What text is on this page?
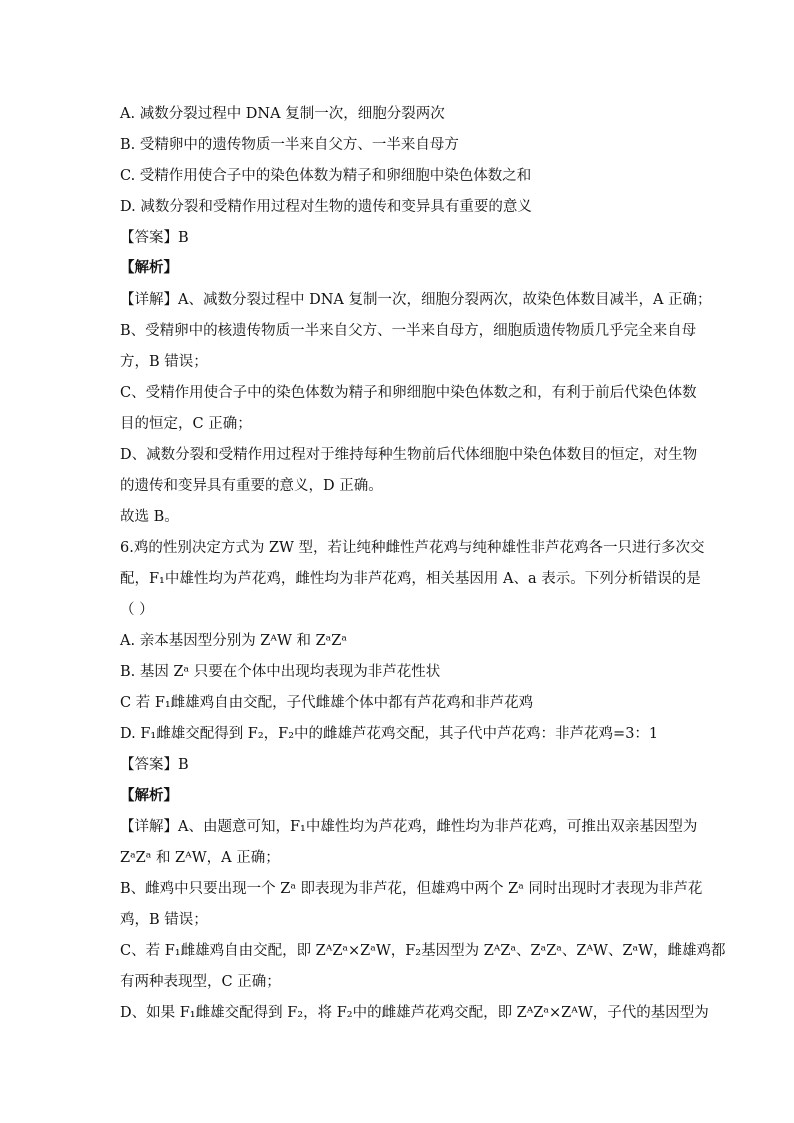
A. 减数分裂过程中 DNA 复制一次，细胞分裂两次
B. 受精卵中的遗传物质一半来自父方、一半来自母方
C. 受精作用使合子中的染色体数为精子和卵细胞中染色体数之和
D. 减数分裂和受精作用过程对生物的遗传和变异具有重要的意义
【答案】B
【解析】
【详解】A、减数分裂过程中 DNA 复制一次，细胞分裂两次，故染色体数目减半，A 正确；
B、受精卵中的核遗传物质一半来自父方、一半来自母方，细胞质遗传物质几乎完全来自母
方，B 错误；
C、受精作用使合子中的染色体数为精子和卵细胞中染色体数之和，有利于前后代染色体数
目的恒定，C 正确；
D、减数分裂和受精作用过程对于维持每种生物前后代体细胞中染色体数目的恒定，对生物
的遗传和变异具有重要的意义，D 正确。
故选 B。
6.鸡的性别决定方式为 ZW 型，若让纯种雌性芦花鸡与纯种雄性非芦花鸡各一只进行多次交
配，F₁中雄性均为芦花鸡，雌性均为非芦花鸡，相关基因用 A、a 表示。下列分析错误的是
（ ）
A. 亲本基因型分别为 ZᴬW 和 ZᵃZᵃ
B. 基因 Zᵃ 只要在个体中出现均表现为非芦花性状
C 若 F₁雌雄鸡自由交配，子代雌雄个体中都有芦花鸡和非芦花鸡
D. F₁雌雄交配得到 F₂，F₂中的雌雄芦花鸡交配，其子代中芦花鸡：非芦花鸡=3：1
【答案】B
【解析】
【详解】A、由题意可知，F₁中雄性均为芦花鸡，雌性均为非芦花鸡，可推出双亲基因型为
ZᵃZᵃ 和 ZᴬW，A 正确；
B、雌鸡中只要出现一个 Zᵃ 即表现为非芦花，但雄鸡中两个 Zᵃ 同时出现时才表现为非芦花
鸡，B 错误；
C、若 F₁雌雄鸡自由交配，即 ZᴬZᵃ×ZᵃW，F₂基因型为 ZᴬZᵃ、ZᵃZᵃ、ZᴬW、ZᵃW，雌雄鸡都
有两种表现型，C 正确；
D、如果 F₁雌雄交配得到 F₂，将 F₂中的雌雄芦花鸡交配，即 ZᴬZᵃ×ZᴬW，子代的基因型为
